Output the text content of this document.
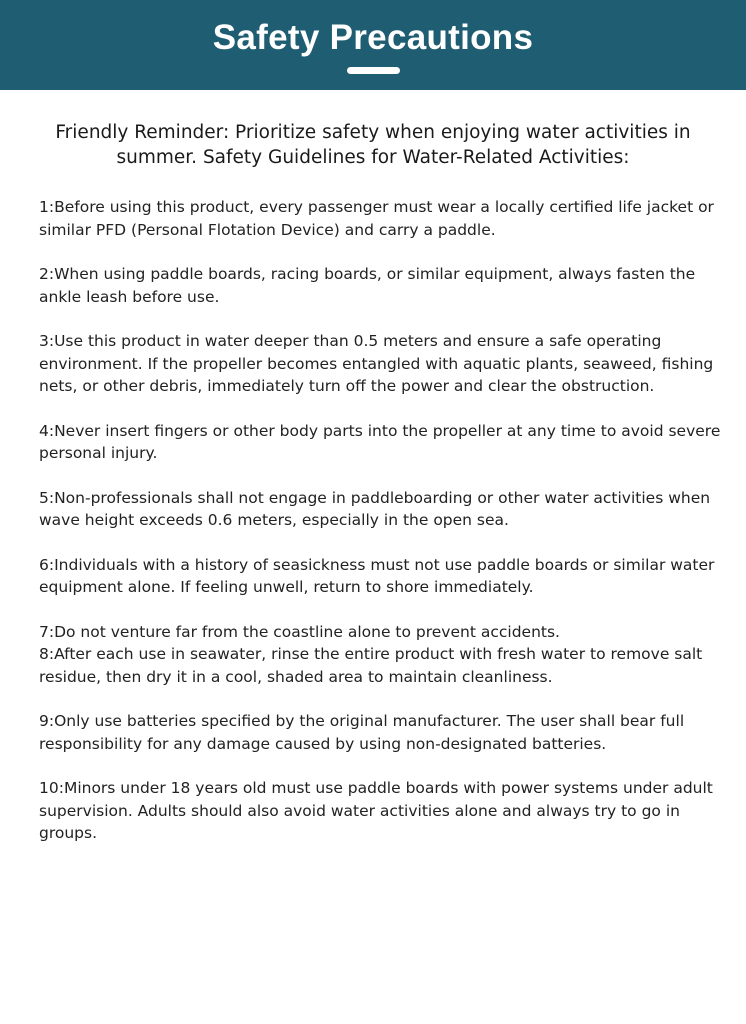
Safety Precautions
Friendly Reminder: Prioritize safety when enjoying water activities in summer. Safety Guidelines for Water-Related Activities:

1:Before using this product, every passenger must wear a locally certified life jacket or similar PFD (Personal Flotation Device) and carry a paddle.

2:When using paddle boards, racing boards, or similar equipment, always fasten the ankle leash before use.

3:Use this product in water deeper than 0.5 meters and ensure a safe operating environment. If the propeller becomes entangled with aquatic plants, seaweed, fishing nets, or other debris, immediately turn off the power and clear the obstruction.

4:Never insert fingers or other body parts into the propeller at any time to avoid severe personal injury.

5:Non-professionals shall not engage in paddleboarding or other water activities when wave height exceeds 0.6 meters, especially in the open sea.

6:Individuals with a history of seasickness must not use paddle boards or similar water equipment alone. If feeling unwell, return to shore immediately.

7:Do not venture far from the coastline alone to prevent accidents.

8:After each use in seawater, rinse the entire product with fresh water to remove salt residue, then dry it in a cool, shaded area to maintain cleanliness.

9:Only use batteries specified by the original manufacturer. The user shall bear full responsibility for any damage caused by using non-designated batteries.

10:Minors under 18 years old must use paddle boards with power systems under adult supervision. Adults should also avoid water activities alone and always try to go in groups.
